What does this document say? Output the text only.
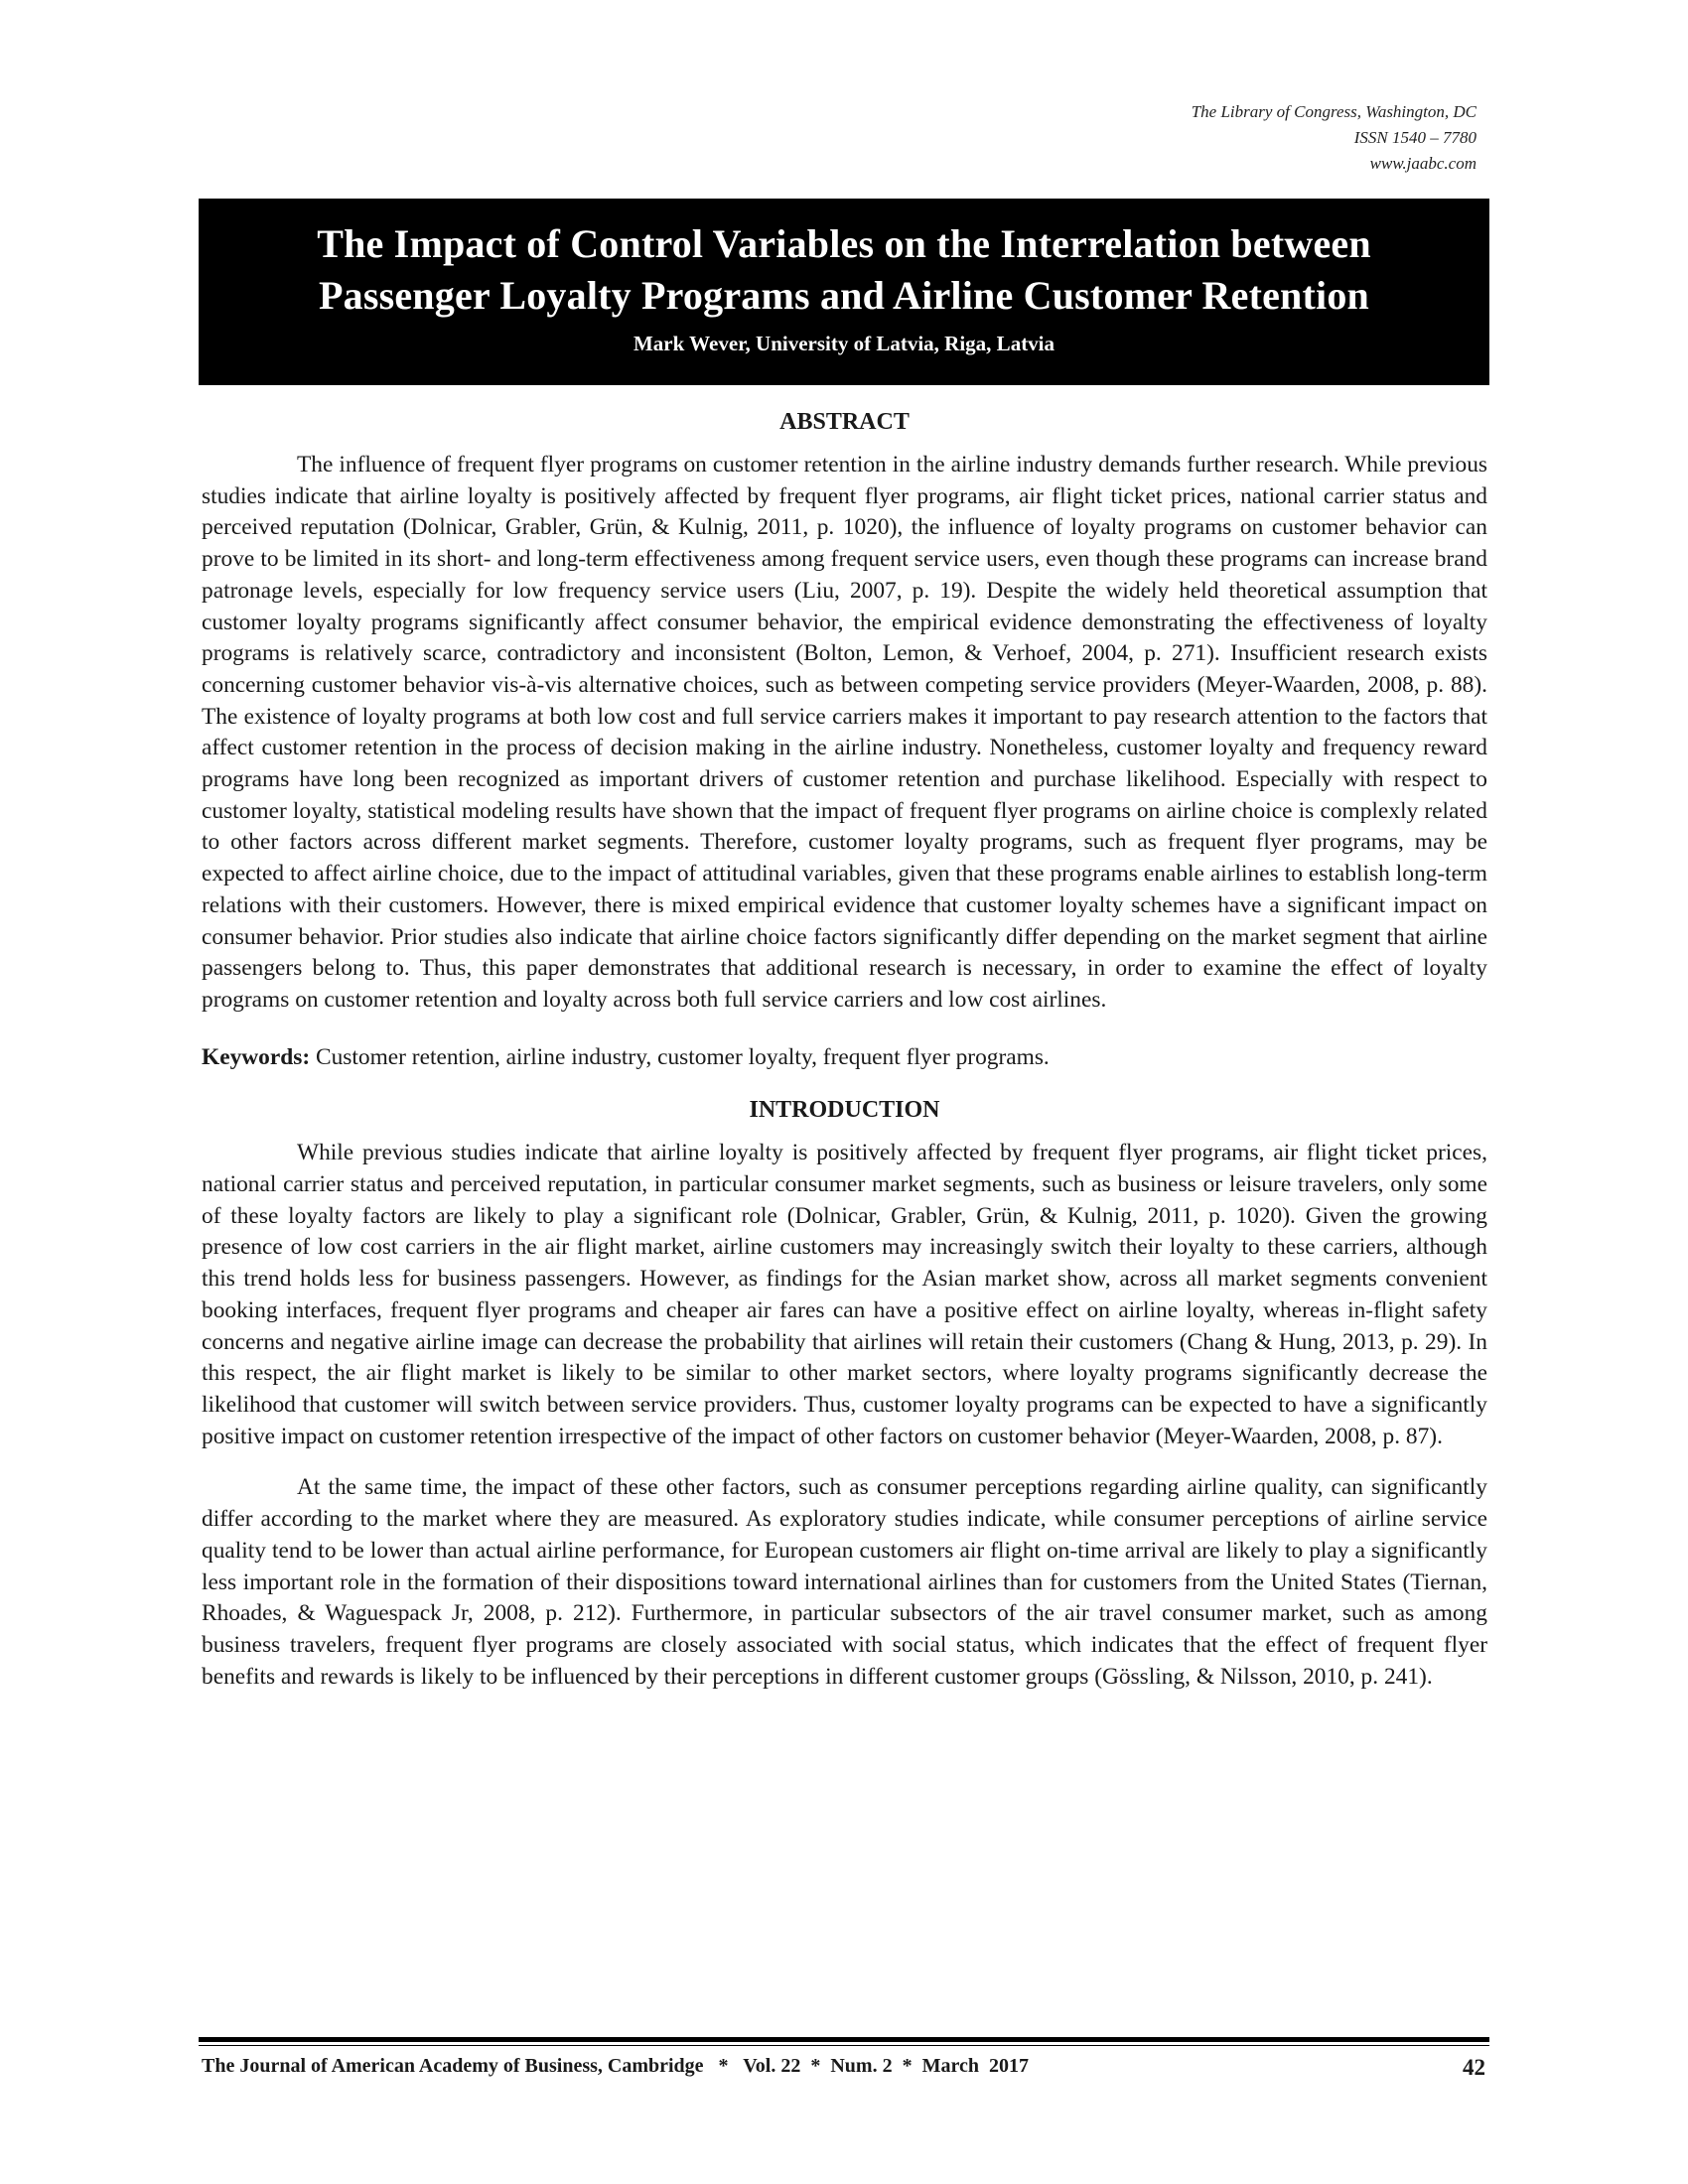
The Library of Congress, Washington, DC
ISSN 1540 – 7780
www.jaabc.com
The Impact of Control Variables on the Interrelation between
Passenger Loyalty Programs and Airline Customer Retention
Mark Wever, University of Latvia, Riga, Latvia
ABSTRACT

The influence of frequent flyer programs on customer retention in the airline industry demands further research. While previous studies indicate that airline loyalty is positively affected by frequent flyer programs, air flight ticket prices, national carrier status and perceived reputation (Dolnicar, Grabler, Grün, & Kulnig, 2011, p. 1020), the influence of loyalty programs on customer behavior can prove to be limited in its short- and long-term effectiveness among frequent service users, even though these programs can increase brand patronage levels, especially for low frequency service users (Liu, 2007, p. 19). Despite the widely held theoretical assumption that customer loyalty programs significantly affect consumer behavior, the empirical evidence demonstrating the effectiveness of loyalty programs is relatively scarce, contradictory and inconsistent (Bolton, Lemon, & Verhoef, 2004, p. 271). Insufficient research exists concerning customer behavior vis-à-vis alternative choices, such as between competing service providers (Meyer-Waarden, 2008, p. 88). The existence of loyalty programs at both low cost and full service carriers makes it important to pay research attention to the factors that affect customer retention in the process of decision making in the airline industry. Nonetheless, customer loyalty and frequency reward programs have long been recognized as important drivers of customer retention and purchase likelihood. Especially with respect to customer loyalty, statistical modeling results have shown that the impact of frequent flyer programs on airline choice is complexly related to other factors across different market segments. Therefore, customer loyalty programs, such as frequent flyer programs, may be expected to affect airline choice, due to the impact of attitudinal variables, given that these programs enable airlines to establish long-term relations with their customers. However, there is mixed empirical evidence that customer loyalty schemes have a significant impact on consumer behavior. Prior studies also indicate that airline choice factors significantly differ depending on the market segment that airline passengers belong to. Thus, this paper demonstrates that additional research is necessary, in order to examine the effect of loyalty programs on customer retention and loyalty across both full service carriers and low cost airlines.

Keywords: Customer retention, airline industry, customer loyalty, frequent flyer programs.
INTRODUCTION

While previous studies indicate that airline loyalty is positively affected by frequent flyer programs, air flight ticket prices, national carrier status and perceived reputation, in particular consumer market segments, such as business or leisure travelers, only some of these loyalty factors are likely to play a significant role (Dolnicar, Grabler, Grün, & Kulnig, 2011, p. 1020). Given the growing presence of low cost carriers in the air flight market, airline customers may increasingly switch their loyalty to these carriers, although this trend holds less for business passengers. However, as findings for the Asian market show, across all market segments convenient booking interfaces, frequent flyer programs and cheaper air fares can have a positive effect on airline loyalty, whereas in-flight safety concerns and negative airline image can decrease the probability that airlines will retain their customers (Chang & Hung, 2013, p. 29). In this respect, the air flight market is likely to be similar to other market sectors, where loyalty programs significantly decrease the likelihood that customer will switch between service providers. Thus, customer loyalty programs can be expected to have a significantly positive impact on customer retention irrespective of the impact of other factors on customer behavior (Meyer-Waarden, 2008, p. 87).

At the same time, the impact of these other factors, such as consumer perceptions regarding airline quality, can significantly differ according to the market where they are measured. As exploratory studies indicate, while consumer perceptions of airline service quality tend to be lower than actual airline performance, for European customers air flight on-time arrival are likely to play a significantly less important role in the formation of their dispositions toward international airlines than for customers from the United States (Tiernan, Rhoades, & Waguespack Jr, 2008, p. 212). Furthermore, in particular subsectors of the air travel consumer market, such as among business travelers, frequent flyer programs are closely associated with social status, which indicates that the effect of frequent flyer benefits and rewards is likely to be influenced by their perceptions in different customer groups (Gössling, & Nilsson, 2010, p. 241).

The Journal of American Academy of Business, Cambridge   *   Vol. 22  *  Num. 2  *  March  2017	42
